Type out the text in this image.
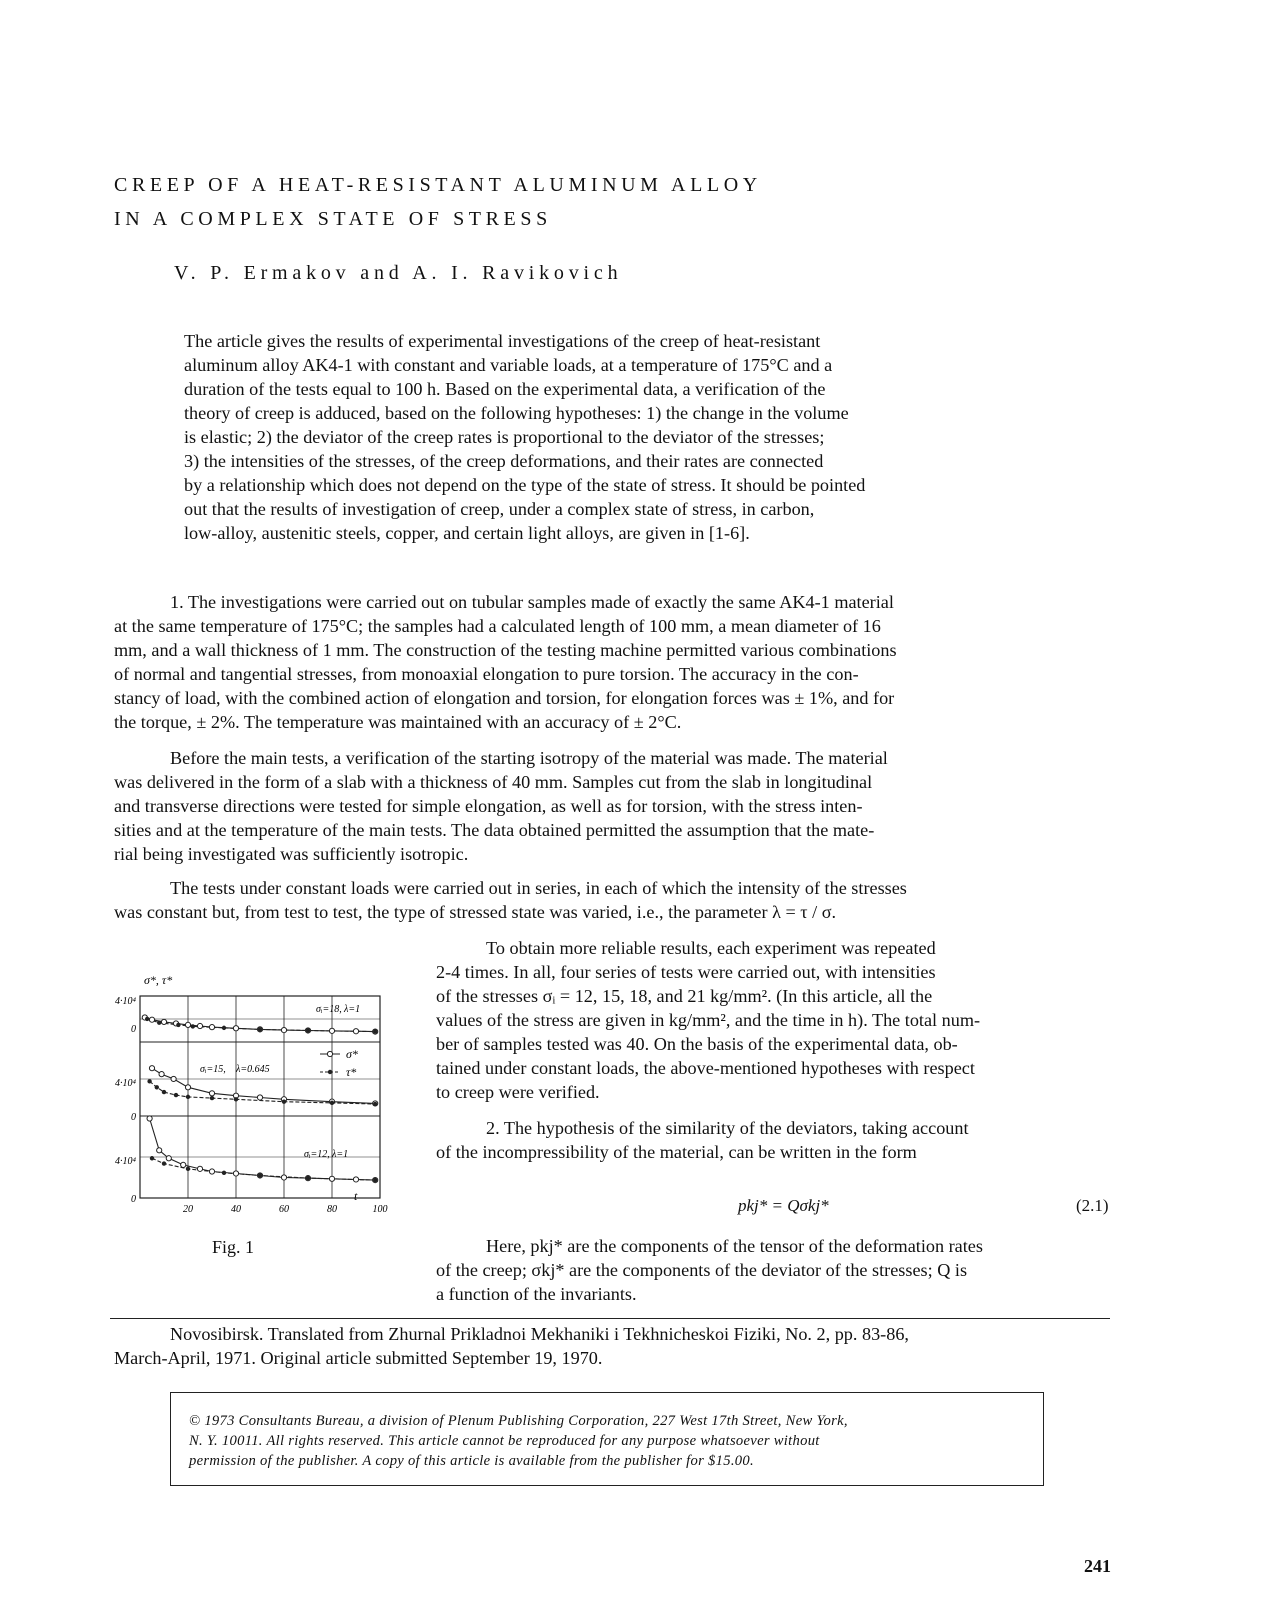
CREEP OF A HEAT-RESISTANT ALUMINUM ALLOY
IN A COMPLEX STATE OF STRESS
V. P. Ermakov and A. I. Ravikovich
The article gives the results of experimental investigations of the creep of heat-resistant
aluminum alloy AK4-1 with constant and variable loads, at a temperature of 175°C and a
duration of the tests equal to 100 h. Based on the experimental data, a verification of the
theory of creep is adduced, based on the following hypotheses: 1) the change in the volume
is elastic; 2) the deviator of the creep rates is proportional to the deviator of the stresses;
3) the intensities of the stresses, of the creep deformations, and their rates are connected
by a relationship which does not depend on the type of the state of stress. It should be pointed
out that the results of investigation of creep, under a complex state of stress, in carbon,
low-alloy, austenitic steels, copper, and certain light alloys, are given in [1-6].
1. The investigations were carried out on tubular samples made of exactly the same AK4-1 material
at the same temperature of 175°C; the samples had a calculated length of 100 mm, a mean diameter of 16
mm, and a wall thickness of 1 mm. The construction of the testing machine permitted various combinations
of normal and tangential stresses, from monoaxial elongation to pure torsion. The accuracy in the con-
stancy of load, with the combined action of elongation and torsion, for elongation forces was ± 1%, and for
the torque, ± 2%. The temperature was maintained with an accuracy of ± 2°C.
Before the main tests, a verification of the starting isotropy of the material was made. The material
was delivered in the form of a slab with a thickness of 40 mm. Samples cut from the slab in longitudinal
and transverse directions were tested for simple elongation, as well as for torsion, with the stress inten-
sities and at the temperature of the main tests. The data obtained permitted the assumption that the mate-
rial being investigated was sufficiently isotropic.
The tests under constant loads were carried out in series, in each of which the intensity of the stresses
was constant but, from test to test, the type of stressed state was varied, i.e., the parameter λ = τ / σ.
To obtain more reliable results, each experiment was repeated
2-4 times. In all, four series of tests were carried out, with intensities
of the stresses σᵢ = 12, 15, 18, and 21 kg/mm². (In this article, all the
values of the stress are given in kg/mm², and the time in h). The total num-
ber of samples tested was 40. On the basis of the experimental data, ob-
tained under constant loads, the above-mentioned hypotheses with respect
to creep were verified.
2. The hypothesis of the similarity of the deviators, taking account
of the incompressibility of the material, can be written in the form
pkj* = Qσkj*	(2.1)
Here, pkj* are the components of the tensor of the deformation rates
of the creep; σkj* are the components of the deviator of the stresses; Q is
a function of the invariants.
σ*, τ*
t
4·10⁴
0
4·10⁴
0
4·10⁴
0
20	40	60	80	100
σᵢ=18, λ=1
σᵢ=15, λ=0.645
σᵢ=12, λ=1
σ*
τ*
Fig. 1
Novosibirsk. Translated from Zhurnal Prikladnoi Mekhaniki i Tekhnicheskoi Fiziki, No. 2, pp. 83-86,
March-April, 1971. Original article submitted September 19, 1970.
© 1973 Consultants Bureau, a division of Plenum Publishing Corporation, 227 West 17th Street, New York,
N. Y. 10011. All rights reserved. This article cannot be reproduced for any purpose whatsoever without
permission of the publisher. A copy of this article is available from the publisher for $15.00.
241
